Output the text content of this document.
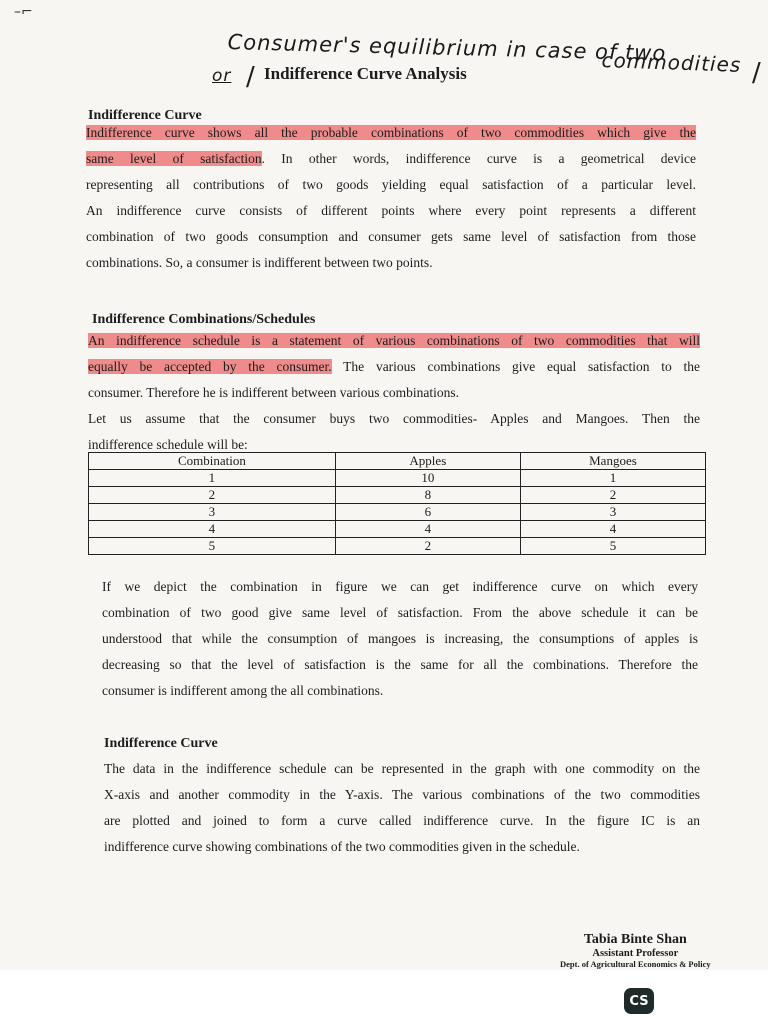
–⌐
Consumer's equilibrium in case of two
commodities
or /	/
Indifference Curve Analysis
Indifference Curve
Indifference curve shows all the probable combinations of two commodities which give the
same level of satisfaction. In other words, indifference curve is a geometrical device
representing all contributions of two goods yielding equal satisfaction of a particular level.
An indifference curve consists of different points where every point represents a different
combination of two goods consumption and consumer gets same level of satisfaction from those
combinations. So, a consumer is indifferent between two points.
Indifference Combinations/Schedules
An indifference schedule is a statement of various combinations of two commodities that will
equally be accepted by the consumer. The various combinations give equal satisfaction to the
consumer. Therefore he is indifferent between various combinations.
Let us assume that the consumer buys two commodities- Apples and Mangoes. Then the
indifference schedule will be:
Combination	Apples	Mangoes
1	10	1
2	8	2
3	6	3
4	4	4
5	2	5
If we depict the combination in figure we can get indifference curve on which every
combination of two good give same level of satisfaction. From the above schedule it can be
understood that while the consumption of mangoes is increasing, the consumptions of apples is
decreasing so that the level of satisfaction is the same for all the combinations. Therefore the
consumer is indifferent among the all combinations.
Indifference Curve
The data in the indifference schedule can be represented in the graph with one commodity on the
X-axis and another commodity in the Y-axis. The various combinations of the two commodities
are plotted and joined to form a curve called indifference curve. In the figure IC is an
indifference curve showing combinations of the two commodities given in the schedule.
Tabia Binte Shan
Assistant Professor
Dept. of Agricultural Economics & Policy
CS
